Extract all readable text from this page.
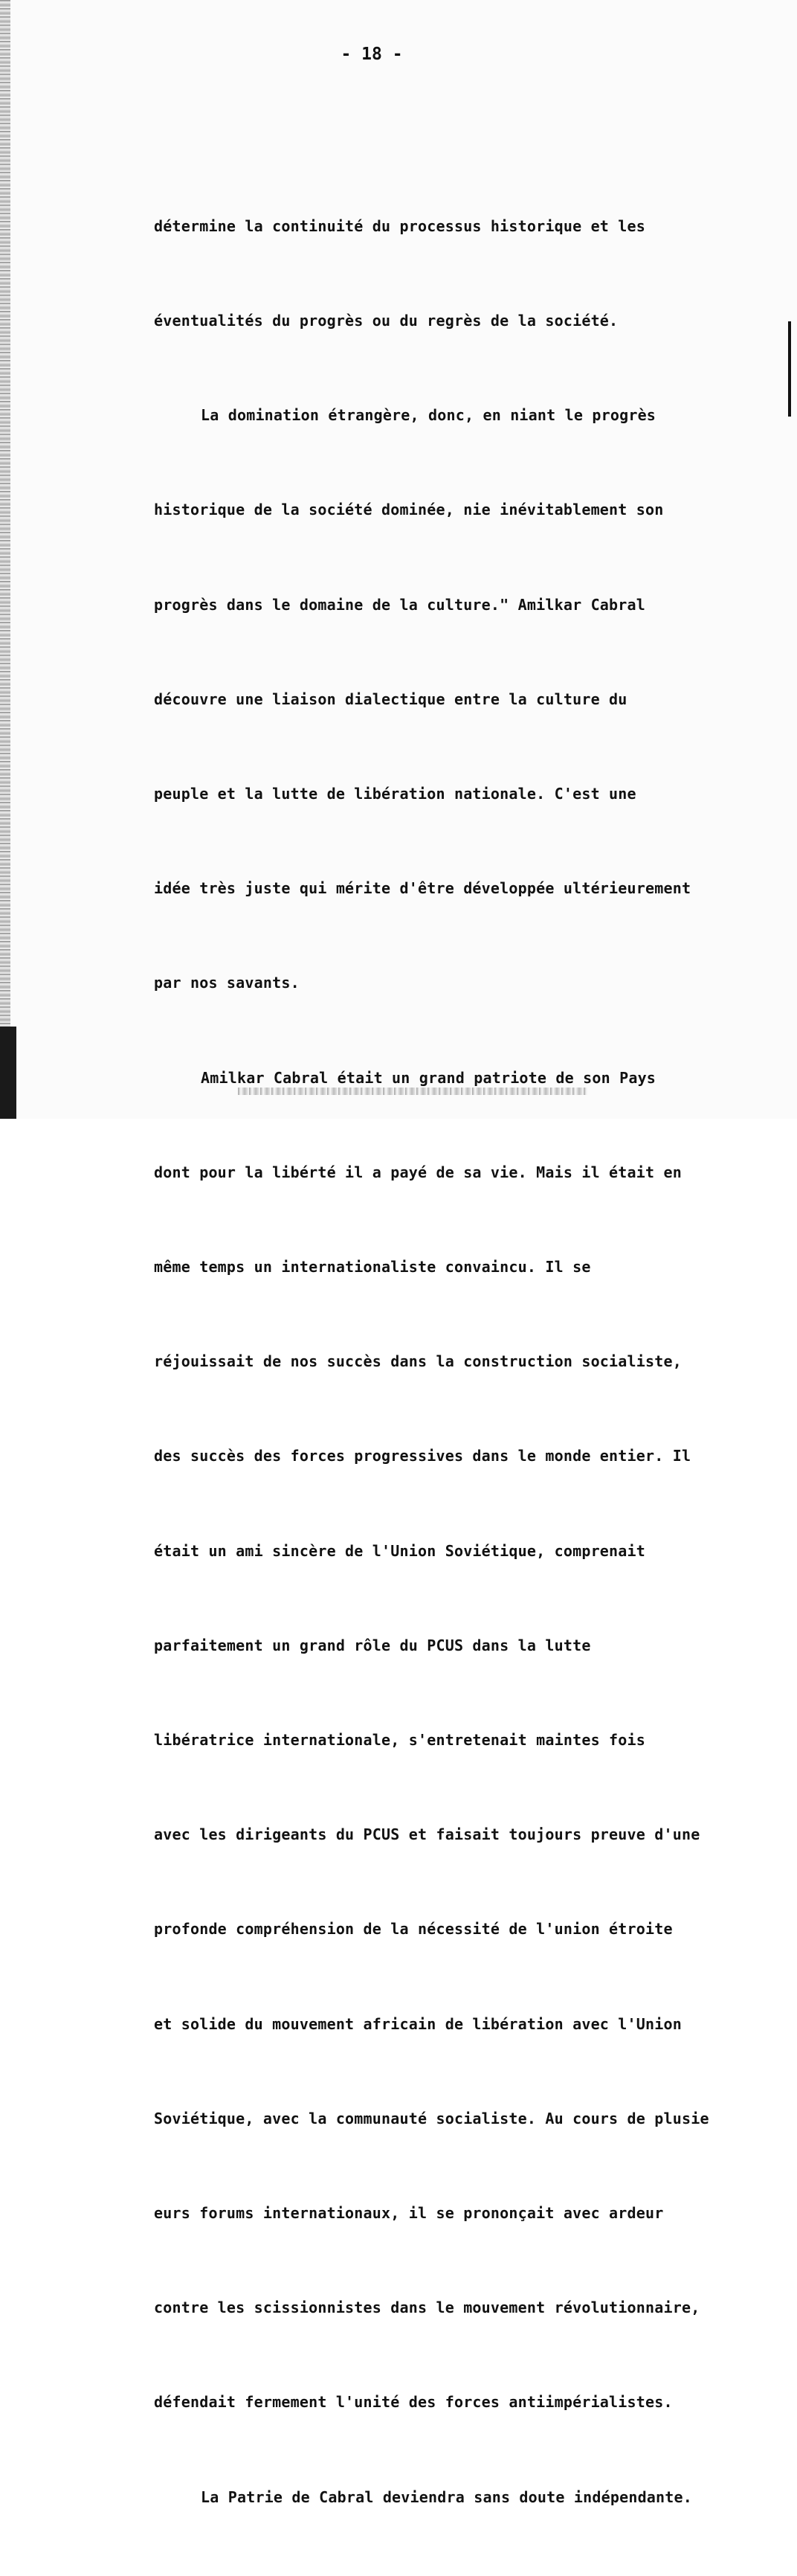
- 18 -

détermine la continuité du processus historique et les

éventualités du progrès ou du regrès de la société.

La domination étrangère, donc, en niant le progrès

historique de la société dominée, nie inévitablement son

progrès dans le domaine de la culture." Amilkar Cabral

découvre une liaison dialectique entre la culture du

peuple et la lutte de libération nationale. C'est une

idée très juste qui mérite d'être développée ultérieurement

par nos savants.

Amilkar Cabral était un grand patriote de son Pays

dont pour la libérté il a payé de sa vie. Mais il était en

même temps un internationaliste convaincu. Il se

réjouissait de nos succès dans la construction socialiste,

des succès des forces progressives dans le monde entier. Il

était un ami sincère de l'Union Soviétique, comprenait

parfaitement un grand rôle du PCUS dans la lutte

libératrice internationale, s'entretenait maintes fois

avec les dirigeants du PCUS et faisait toujours preuve d'une

profonde compréhension de la nécessité de l'union étroite

et solide du mouvement africain de libération avec l'Union

Soviétique, avec la communauté socialiste. Au cours de plusie

eurs forums internationaux, il se prononçait avec ardeur

contre les scissionnistes dans le mouvement révolutionnaire,

défendait fermement l'unité des forces antiimpérialistes.

La Patrie de Cabral deviendra sans doute indépendante.
